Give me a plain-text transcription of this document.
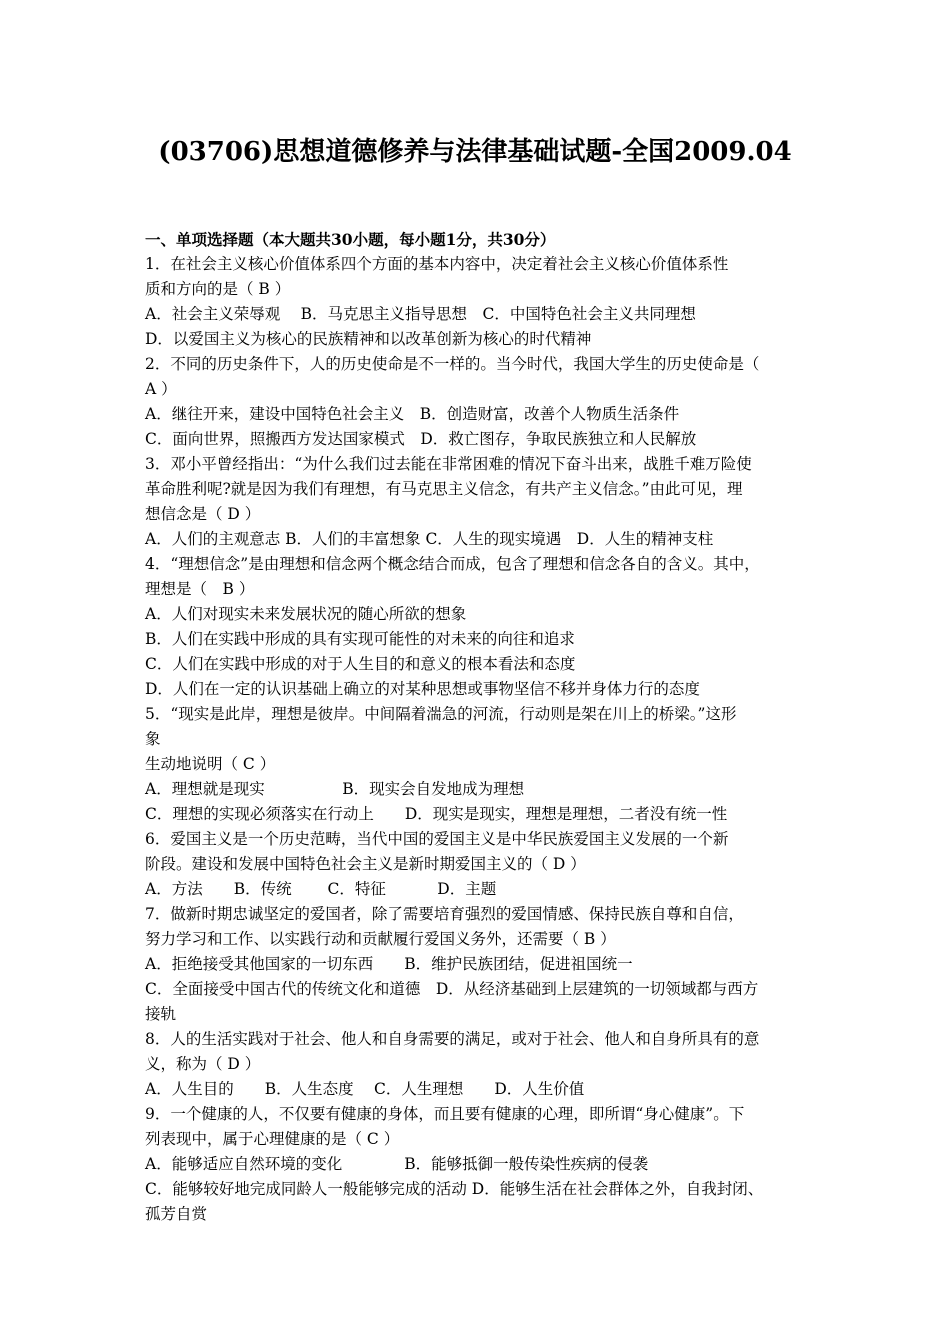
(03706)思想道德修养与法律基础试题-全国2009.04
一、单项选择题（本大题共30小题，每小题1分，共30分）
1．在社会主义核心价值体系四个方面的基本内容中，决定着社会主义核心价值体系性
质和方向的是（ B ）
A．社会主义荣辱观　 B．马克思主义指导思想　C．中国特色社会主义共同理想
D．以爱国主义为核心的民族精神和以改革创新为核心的时代精神
2．不同的历史条件下，人的历史使命是不一样的。当今时代，我国大学生的历史使命是（
A ）
A．继往开来，建设中国特色社会主义　B．创造财富，改善个人物质生活条件
C．面向世界，照搬西方发达国家模式　D．救亡图存，争取民族独立和人民解放
3．邓小平曾经指出：“为什么我们过去能在非常困难的情况下奋斗出来，战胜千难万险使
革命胜利呢?就是因为我们有理想，有马克思主义信念，有共产主义信念。”由此可见，理
想信念是（ D ）
A．人们的主观意志 B．人们的丰富想象 C．人生的现实境遇　D．人生的精神支柱
4．“理想信念”是由理想和信念两个概念结合而成，包含了理想和信念各自的含义。其中，
理想是（　B ）
A．人们对现实未来发展状况的随心所欲的想象
B．人们在实践中形成的具有实现可能性的对未来的向往和追求
C．人们在实践中形成的对于人生目的和意义的根本看法和态度
D．人们在一定的认识基础上确立的对某种思想或事物坚信不移并身体力行的态度
5．“现实是此岸，理想是彼岸。中间隔着湍急的河流，行动则是架在川上的桥梁。”这形
象
生动地说明（ C ）
A．理想就是现实　　　　　B．现实会自发地成为理想
C．理想的实现必须落实在行动上　　D．现实是现实，理想是理想，二者没有统一性
6．爱国主义是一个历史范畴，当代中国的爱国主义是中华民族爱国主义发展的一个新
阶段。建设和发展中国特色社会主义是新时期爱国主义的（ D ）
A．方法　　B．传统　　 C．特征　　　 D．主题
7．做新时期忠诚坚定的爱国者，除了需要培育强烈的爱国情感、保持民族自尊和自信，
努力学习和工作、以实践行动和贡献履行爱国义务外，还需要（ B ）
A．拒绝接受其他国家的一切东西　　B．维护民族团结，促进祖国统一
C．全面接受中国古代的传统文化和道德　D．从经济基础到上层建筑的一切领域都与西方
接轨
8．人的生活实践对于社会、他人和自身需要的满足，或对于社会、他人和自身所具有的意
义，称为（ D ）
A．人生目的　　B．人生态度　 C．人生理想　　D．人生价值
9．一个健康的人，不仅要有健康的身体，而且要有健康的心理，即所谓“身心健康”。下
列表现中，属于心理健康的是（ C ）
A．能够适应自然环境的变化　　　　B．能够抵御一般传染性疾病的侵袭
C．能够较好地完成同龄人一般能够完成的活动 D．能够生活在社会群体之外，自我封闭、
孤芳自赏
